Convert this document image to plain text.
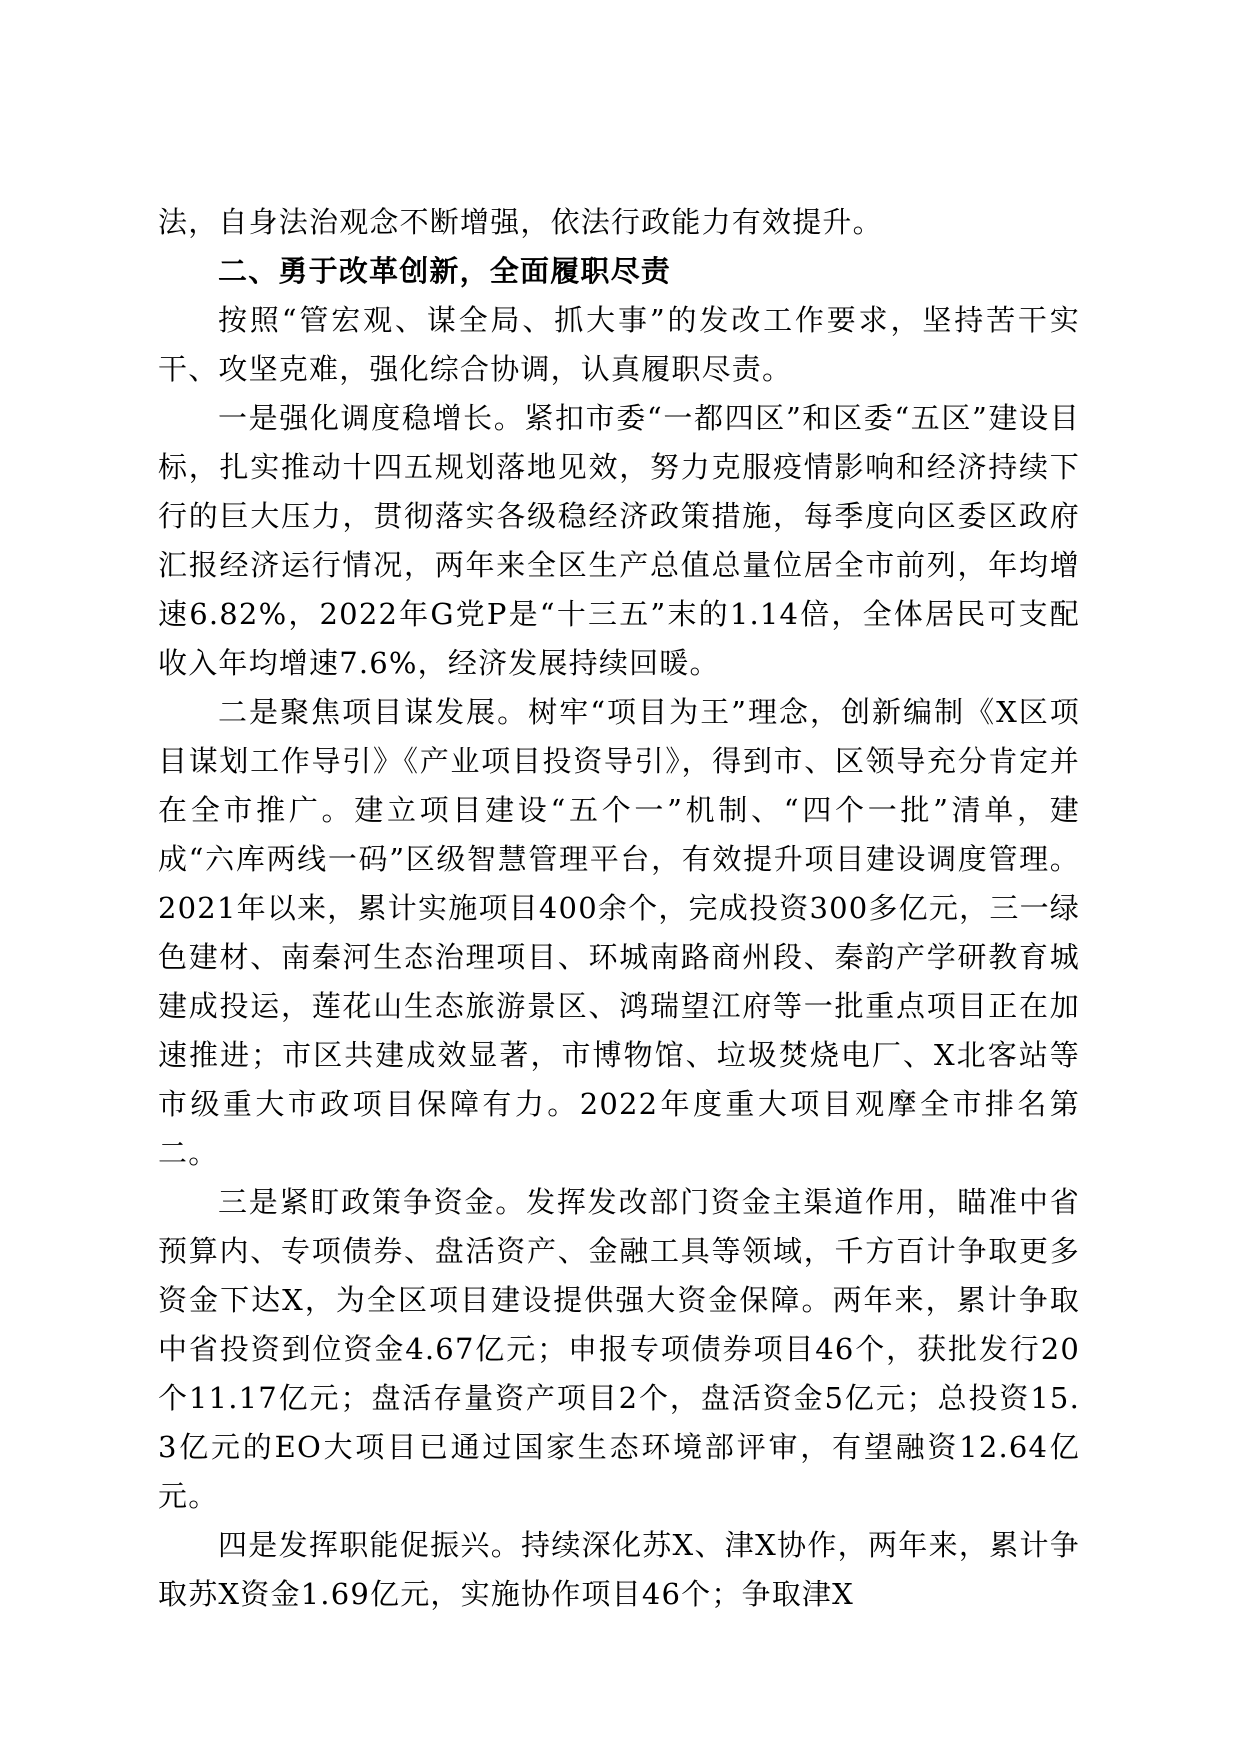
法，自身法治观念不断增强，依法行政能力有效提升。

二、勇于改革创新，全面履职尽责

按照“管宏观、谋全局、抓大事”的发改工作要求，坚持苦干实干、攻坚克难，强化综合协调，认真履职尽责。

一是强化调度稳增长。紧扣市委“一都四区”和区委“五区”建设目标，扎实推动十四五规划落地见效，努力克服疫情影响和经济持续下行的巨大压力，贯彻落实各级稳经济政策措施，每季度向区委区政府汇报经济运行情况，两年来全区生产总值总量位居全市前列，年均增速6.82%，2022年G党P是“十三五”末的1.14倍，全体居民可支配收入年均增速7.6%，经济发展持续回暖。

二是聚焦项目谋发展。树牢“项目为王”理念，创新编制《X区项目谋划工作导引》《产业项目投资导引》，得到市、区领导充分肯定并在全市推广。建立项目建设“五个一”机制、“四个一批”清单，建成“六库两线一码”区级智慧管理平台，有效提升项目建设调度管理。2021年以来，累计实施项目400余个，完成投资300多亿元，三一绿色建材、南秦河生态治理项目、环城南路商州段、秦韵产学研教育城建成投运，莲花山生态旅游景区、鸿瑞望江府等一批重点项目正在加速推进；市区共建成效显著，市博物馆、垃圾焚烧电厂、X北客站等市级重大市政项目保障有力。2022年度重大项目观摩全市排名第二。

三是紧盯政策争资金。发挥发改部门资金主渠道作用，瞄准中省预算内、专项债券、盘活资产、金融工具等领域，千方百计争取更多资金下达X，为全区项目建设提供强大资金保障。两年来，累计争取中省投资到位资金4.67亿元；申报专项债券项目46个，获批发行20个11.17亿元；盘活存量资产项目2个，盘活资金5亿元；总投资15.3亿元的EO大项目已通过国家生态环境部评审，有望融资12.64亿元。

四是发挥职能促振兴。持续深化苏X、津X协作，两年来，累计争取苏X资金1.69亿元，实施协作项目46个；争取津X
